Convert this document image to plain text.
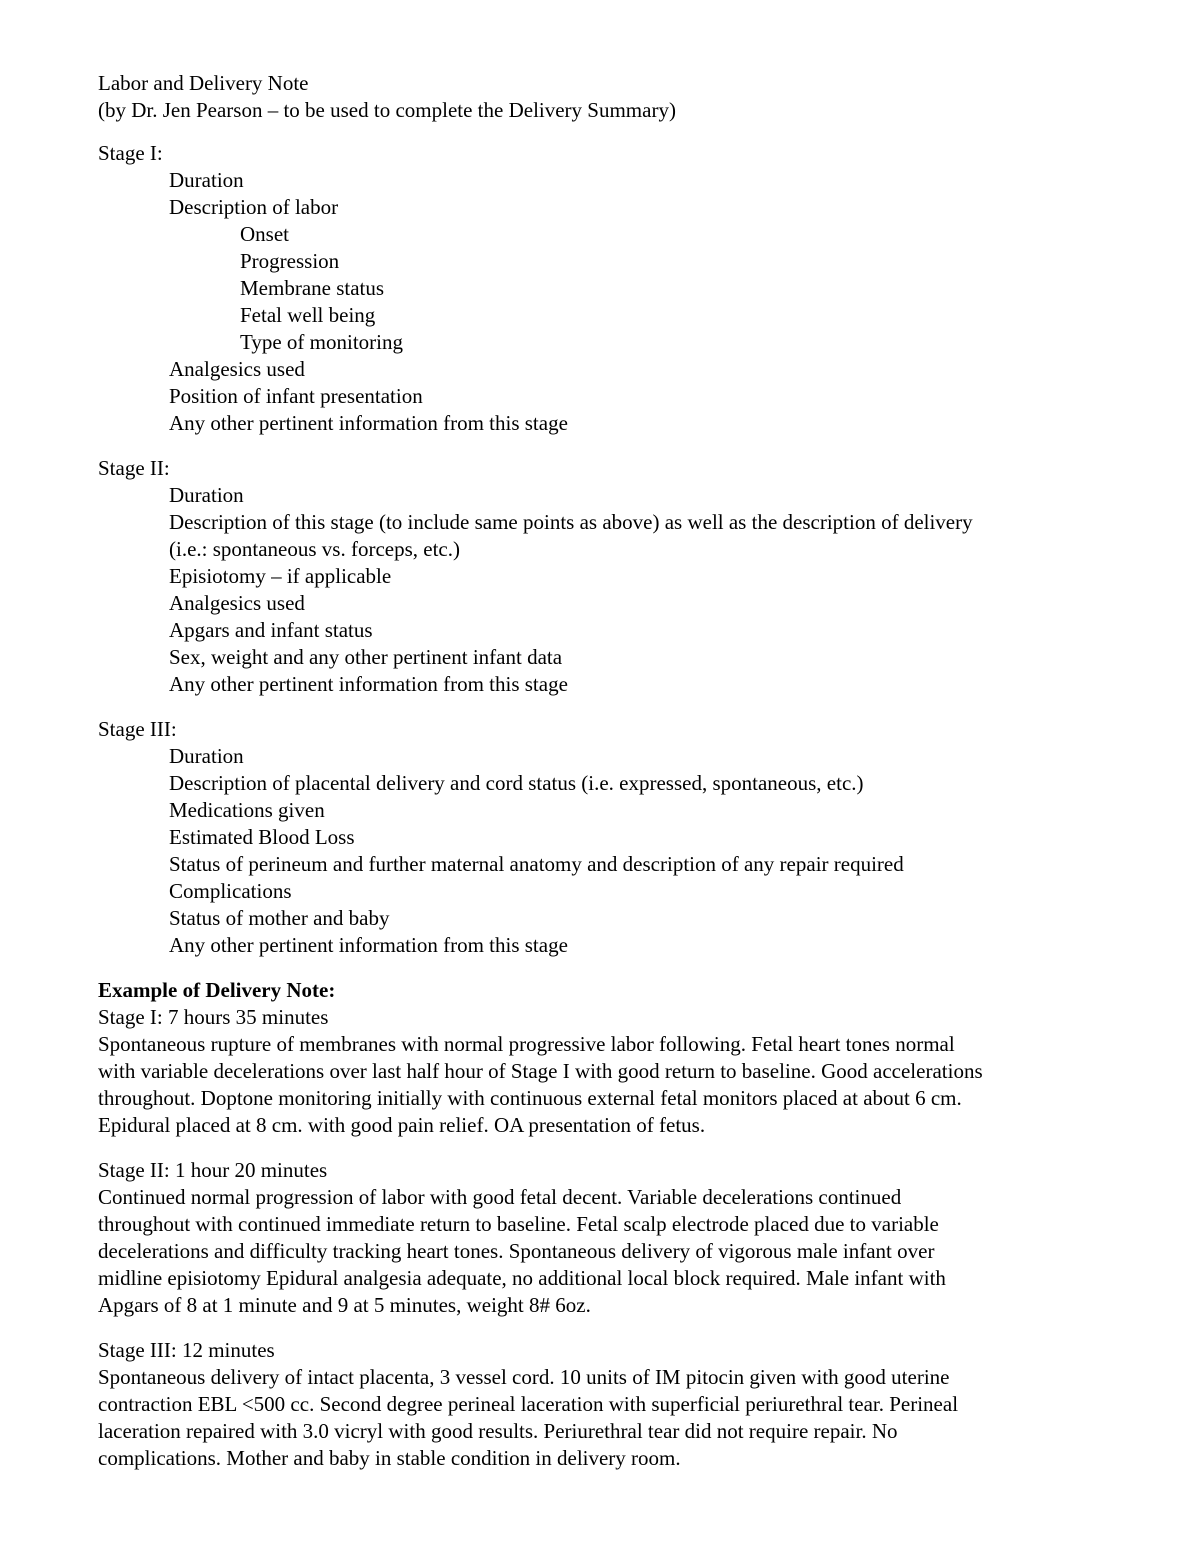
Labor and Delivery Note
(by Dr. Jen Pearson – to be used to complete the Delivery Summary)
Stage I:
Duration
Description of labor
Onset
Progression
Membrane status
Fetal well being
Type of monitoring
Analgesics used
Position of infant presentation
Any other pertinent information from this stage
Stage II:
Duration
Description of this stage (to include same points as above) as well as the description of delivery
(i.e.: spontaneous vs. forceps, etc.)
Episiotomy – if applicable
Analgesics used
Apgars and infant status
Sex, weight and any other pertinent infant data
Any other pertinent information from this stage
Stage III:
Duration
Description of placental delivery and cord status (i.e. expressed, spontaneous, etc.)
Medications given
Estimated Blood Loss
Status of perineum and further maternal anatomy and description of any repair required
Complications
Status of mother and baby
Any other pertinent information from this stage
Example of Delivery Note:
Stage I: 7 hours 35 minutes
Spontaneous rupture of membranes with normal progressive labor following. Fetal heart tones normal
with variable decelerations over last half hour of Stage I with good return to baseline. Good accelerations
throughout. Doptone monitoring initially with continuous external fetal monitors placed at about 6 cm.
Epidural placed at 8 cm. with good pain relief. OA presentation of fetus.
Stage II: 1 hour 20 minutes
Continued normal progression of labor with good fetal decent. Variable decelerations continued
throughout with continued immediate return to baseline. Fetal scalp electrode placed due to variable
decelerations and difficulty tracking heart tones. Spontaneous delivery of vigorous male infant over
midline episiotomy Epidural analgesia adequate, no additional local block required. Male infant with
Apgars of 8 at 1 minute and 9 at 5 minutes, weight 8# 6oz.
Stage III: 12 minutes
Spontaneous delivery of intact placenta, 3 vessel cord. 10 units of IM pitocin given with good uterine
contraction EBL <500 cc. Second degree perineal laceration with superficial periurethral tear. Perineal
laceration repaired with 3.0 vicryl with good results. Periurethral tear did not require repair. No
complications. Mother and baby in stable condition in delivery room.
